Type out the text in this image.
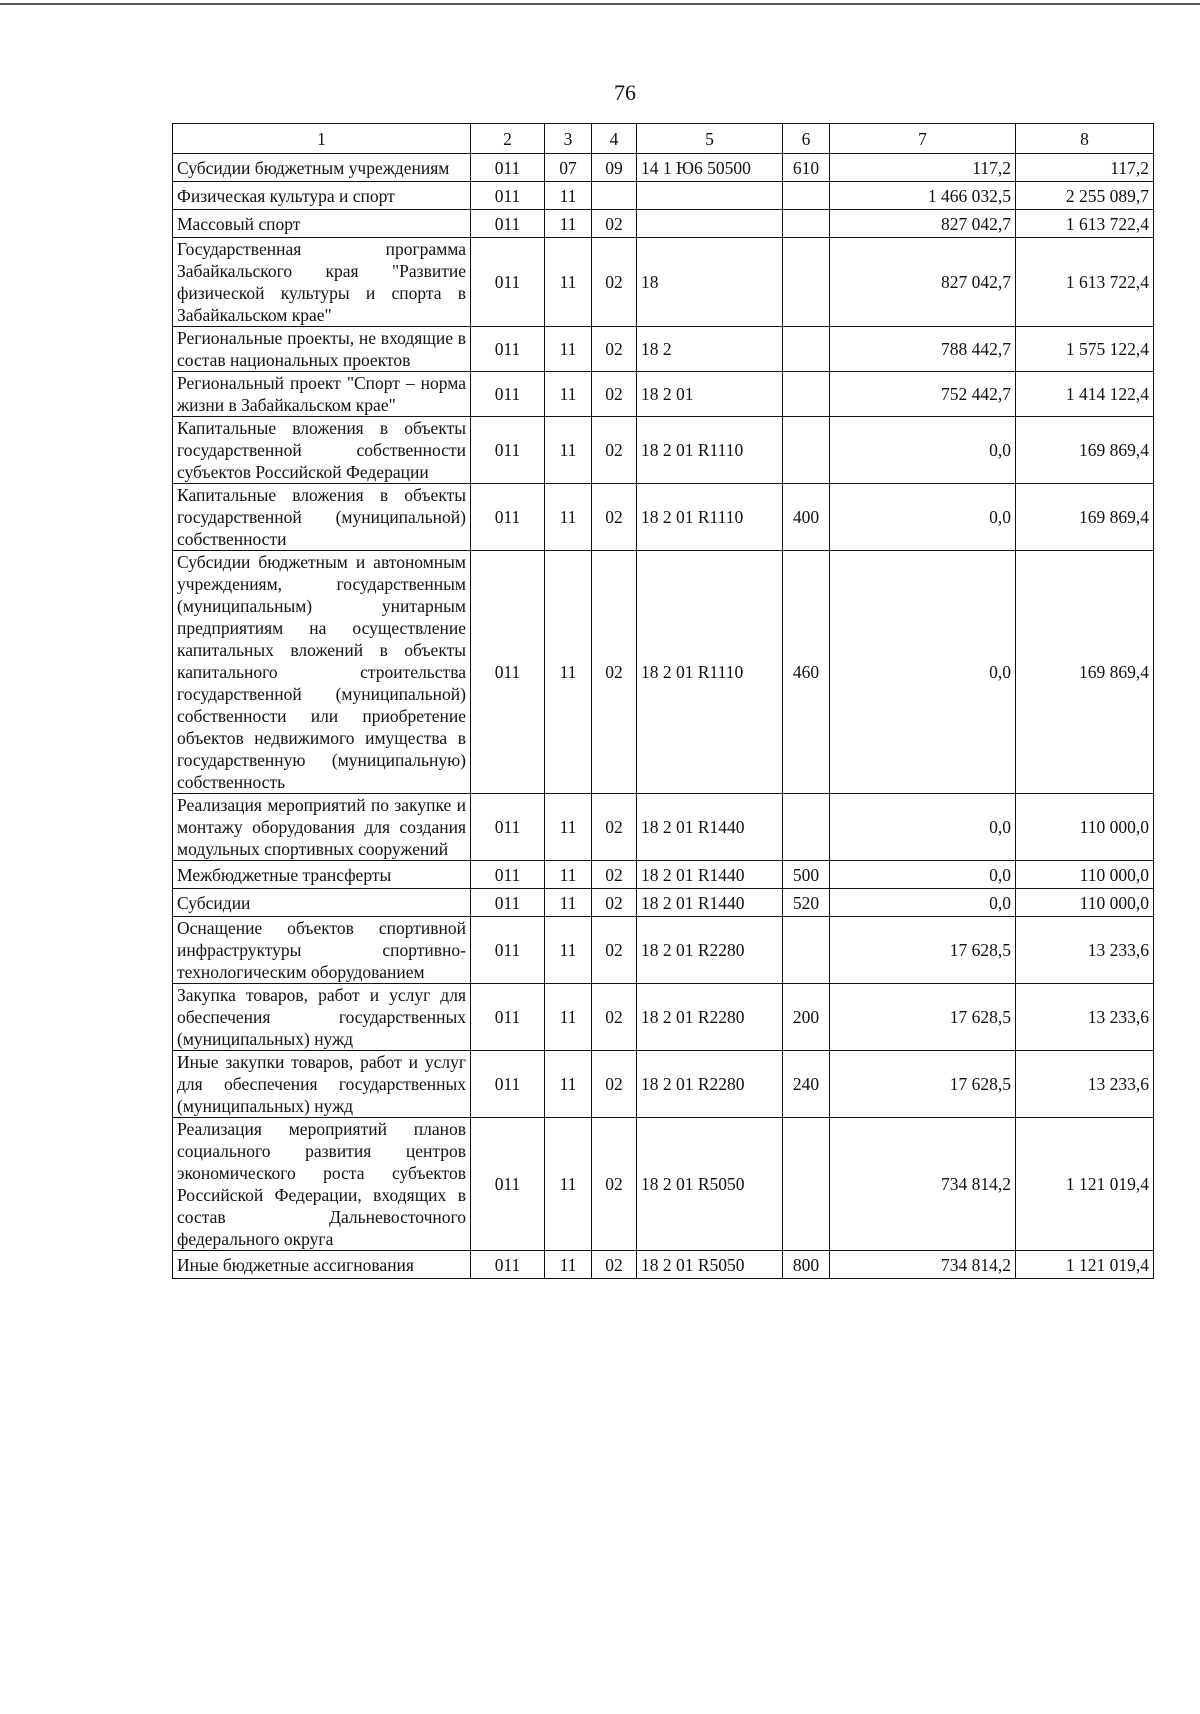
76
1	2	3	4	5	6	7	8
Субсидии бюджетным учреждениям	011	07	09	14 1 Ю6 50500	610	117,2	117,2
Физическая культура и спорт	011	11				1 466 032,5	2 255 089,7
Массовый спорт	011	11	02			827 042,7	1 613 722,4
Государственная программа Забайкальского края "Развитие физической культуры и спорта в Забайкальском крае"	011	11	02	18		827 042,7	1 613 722,4
Региональные проекты, не входящие в состав национальных проектов	011	11	02	18 2		788 442,7	1 575 122,4
Региональный проект "Спорт – норма жизни в Забайкальском крае"	011	11	02	18 2 01		752 442,7	1 414 122,4
Капитальные вложения в объекты государственной собственности субъектов Российской Федерации	011	11	02	18 2 01 R1110		0,0	169 869,4
Капитальные вложения в объекты государственной (муниципальной) собственности	011	11	02	18 2 01 R1110	400	0,0	169 869,4
Субсидии бюджетным и автономным учреждениям, государственным (муниципальным) унитарным предприятиям на осуществление капитальных вложений в объекты капитального строительства государственной (муниципальной) собственности или приобретение объектов недвижимого имущества в государственную (муниципальную) собственность	011	11	02	18 2 01 R1110	460	0,0	169 869,4
Реализация мероприятий по закупке и монтажу оборудования для создания модульных спортивных сооружений	011	11	02	18 2 01 R1440		0,0	110 000,0
Межбюджетные трансферты	011	11	02	18 2 01 R1440	500	0,0	110 000,0
Субсидии	011	11	02	18 2 01 R1440	520	0,0	110 000,0
Оснащение объектов спортивной инфраструктуры спортивно-технологическим оборудованием	011	11	02	18 2 01 R2280		17 628,5	13 233,6
Закупка товаров, работ и услуг для обеспечения государственных (муниципальных) нужд	011	11	02	18 2 01 R2280	200	17 628,5	13 233,6
Иные закупки товаров, работ и услуг для обеспечения государственных (муниципальных) нужд	011	11	02	18 2 01 R2280	240	17 628,5	13 233,6
Реализация мероприятий планов социального развития центров экономического роста субъектов Российской Федерации, входящих в состав Дальневосточного федерального округа	011	11	02	18 2 01 R5050		734 814,2	1 121 019,4
Иные бюджетные ассигнования	011	11	02	18 2 01 R5050	800	734 814,2	1 121 019,4
